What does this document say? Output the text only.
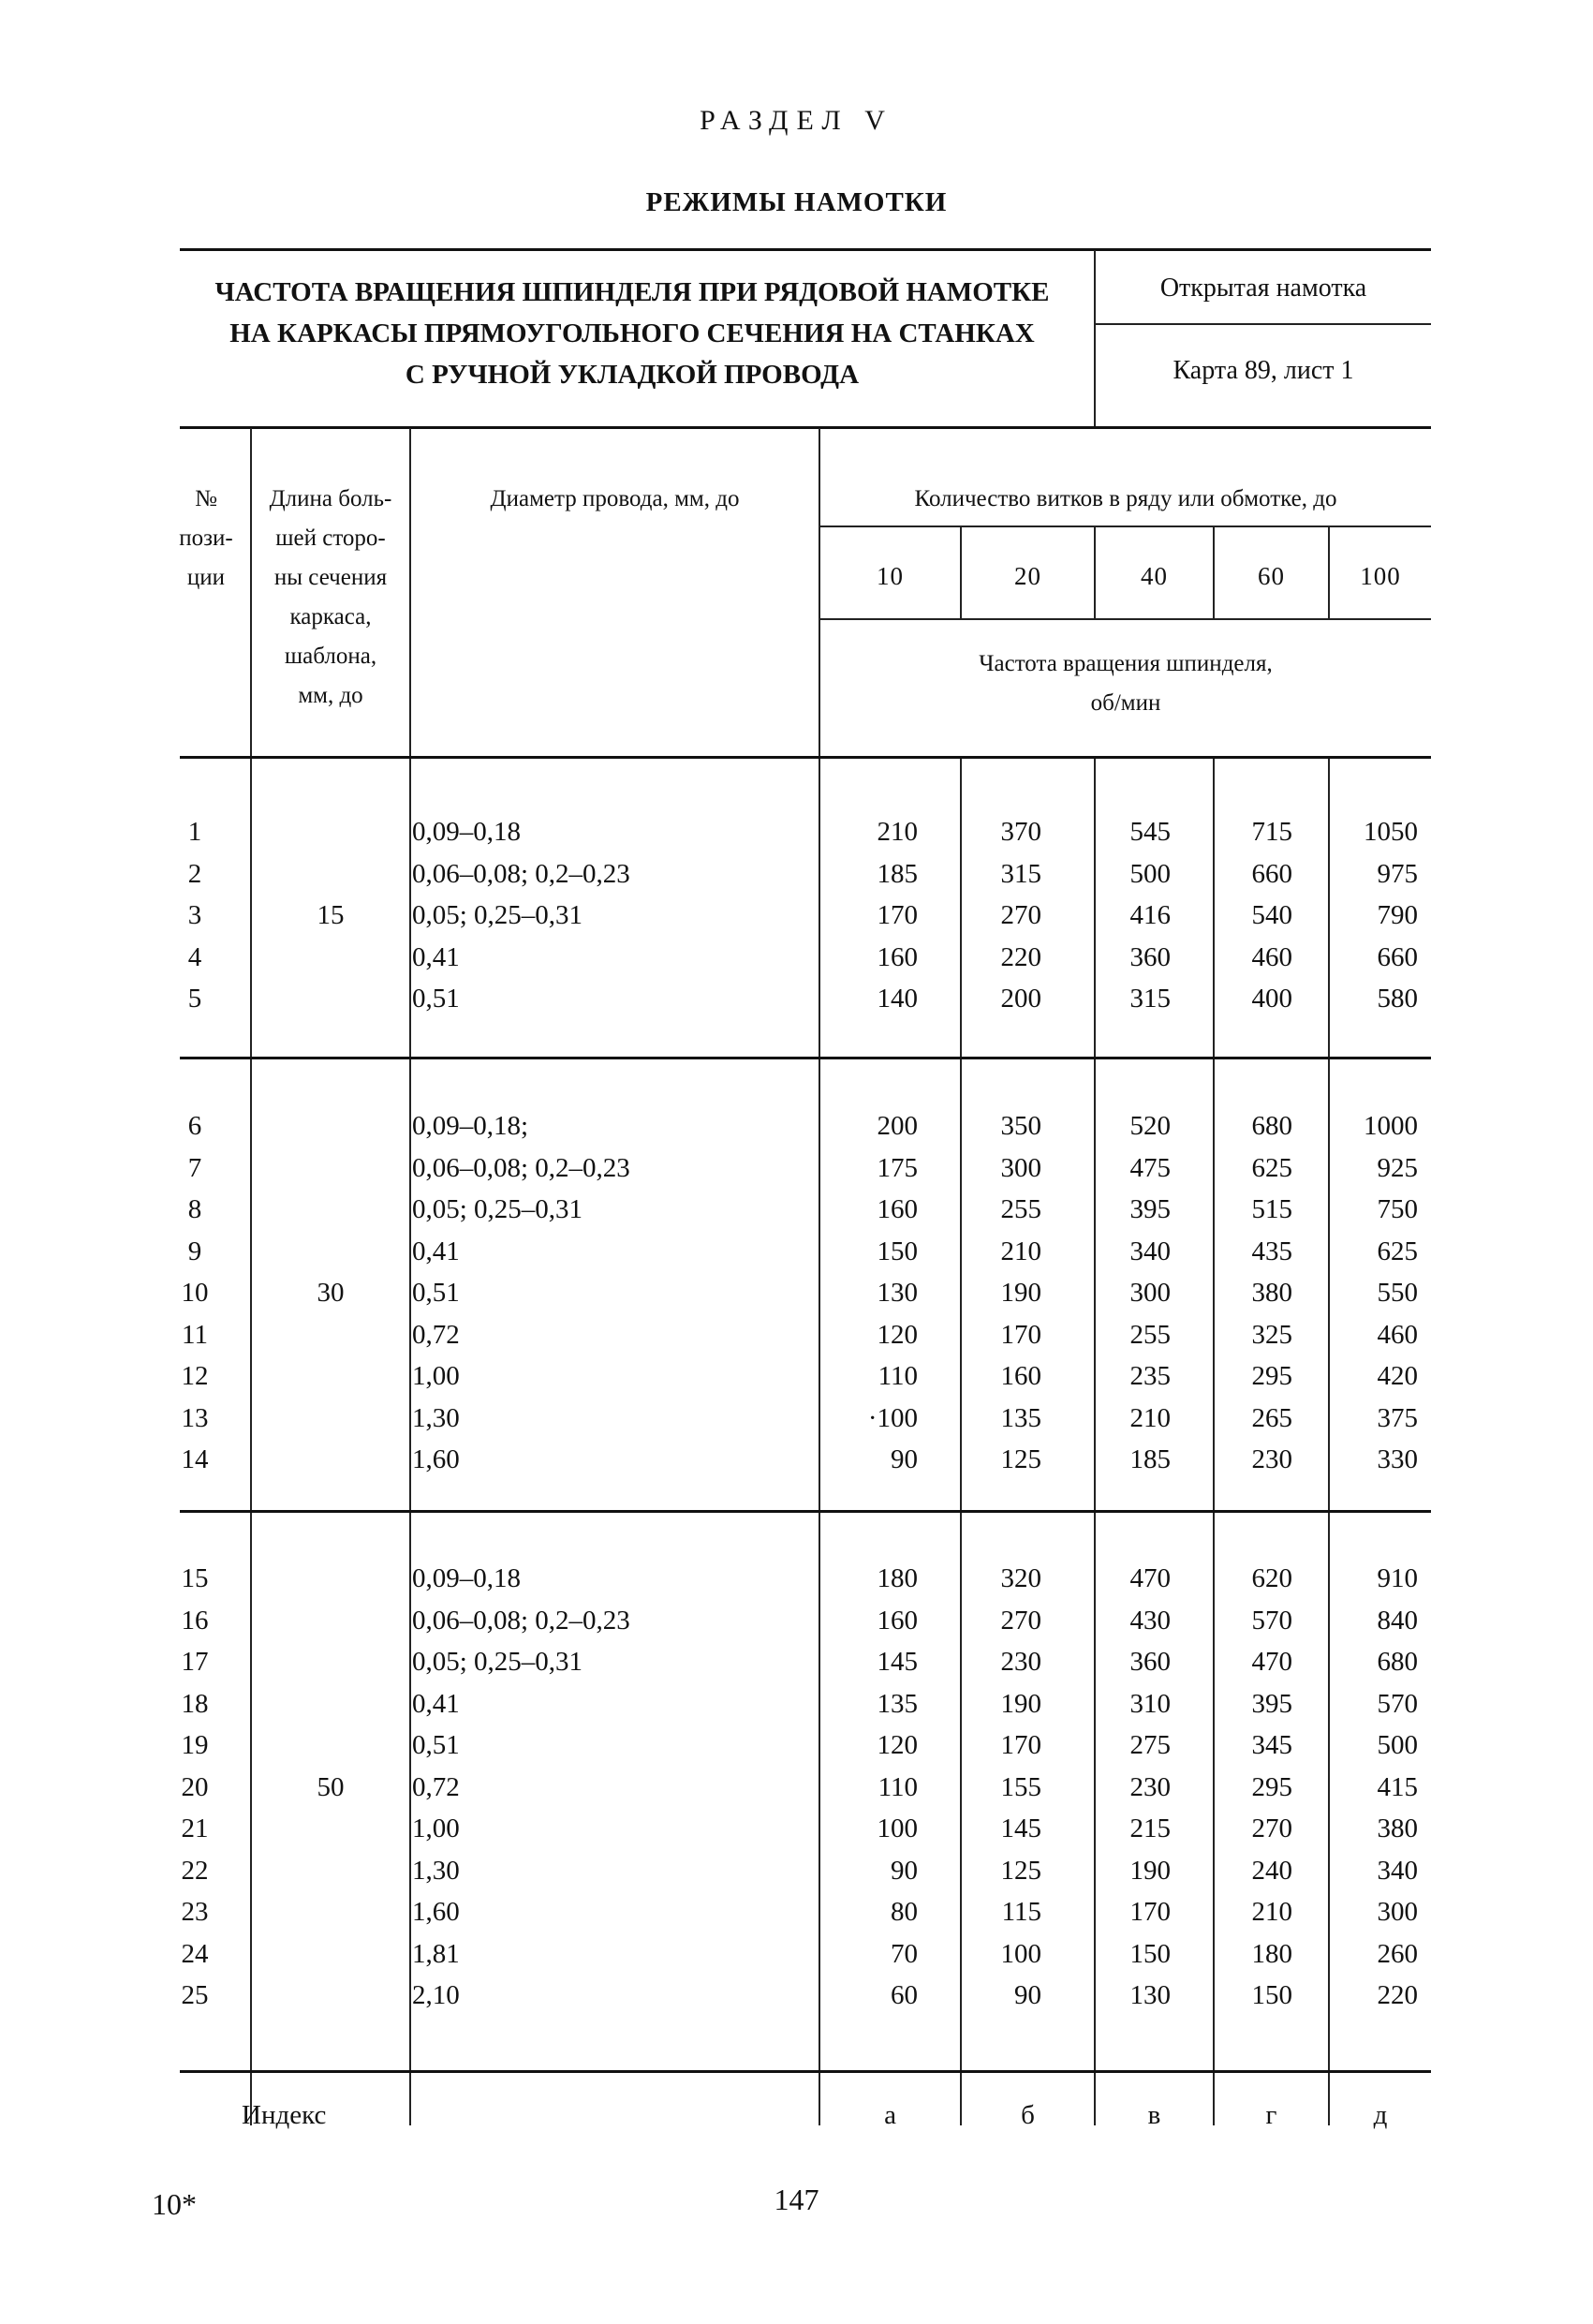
РАЗДЕЛ V
РЕЖИМЫ НАМОТКИ
ЧАСТОТА ВРАЩЕНИЯ ШПИНДЕЛЯ ПРИ РЯДОВОЙ НАМОТКЕ
НА КАРКАСЫ ПРЯМОУГОЛЬНОГО СЕЧЕНИЯ НА СТАНКАХ
С РУЧНОЙ УКЛАДКОЙ ПРОВОДА
Открытая намотка
Карта 89, лист 1
№
пози-
ции
Длина боль-
шей сторо-
ны сечения
каркаса,
шаблона,
мм, до
Диаметр провода, мм, до	Количество витков в ряду или обмотке, до
10	20	40	60	100
Частота вращения шпинделя,
об/мин
1	0,09–0,18	210	370	545	715	1050
2	0,06–0,08; 0,2–0,23	185	315	500	660	975
3	0,05; 0,25–0,31	170	270	416	540	790
4	0,41	160	220	360	460	660
5	0,51	140	200	315	400	580
15
6	0,09–0,18;	200	350	520	680	1000
7	0,06–0,08; 0,2–0,23	175	300	475	625	925
8	0,05; 0,25–0,31	160	255	395	515	750
9	0,41	150	210	340	435	625
10	0,51	130	190	300	380	550
11	0,72	120	170	255	325	460
12	1,00	110	160	235	295	420
13	1,30	·100	135	210	265	375
14	1,60	90	125	185	230	330
30
15	0,09–0,18	180	320	470	620	910
16	0,06–0,08; 0,2–0,23	160	270	430	570	840
17	0,05; 0,25–0,31	145	230	360	470	680
18	0,41	135	190	310	395	570
19	0,51	120	170	275	345	500
20	0,72	110	155	230	295	415
21	1,00	100	145	215	270	380
22	1,30	90	125	190	240	340
23	1,60	80	115	170	210	300
24	1,81	70	100	150	180	260
25	2,10	60	90	130	150	220
50
Индекс	а	б	в	г	д
10*	147
